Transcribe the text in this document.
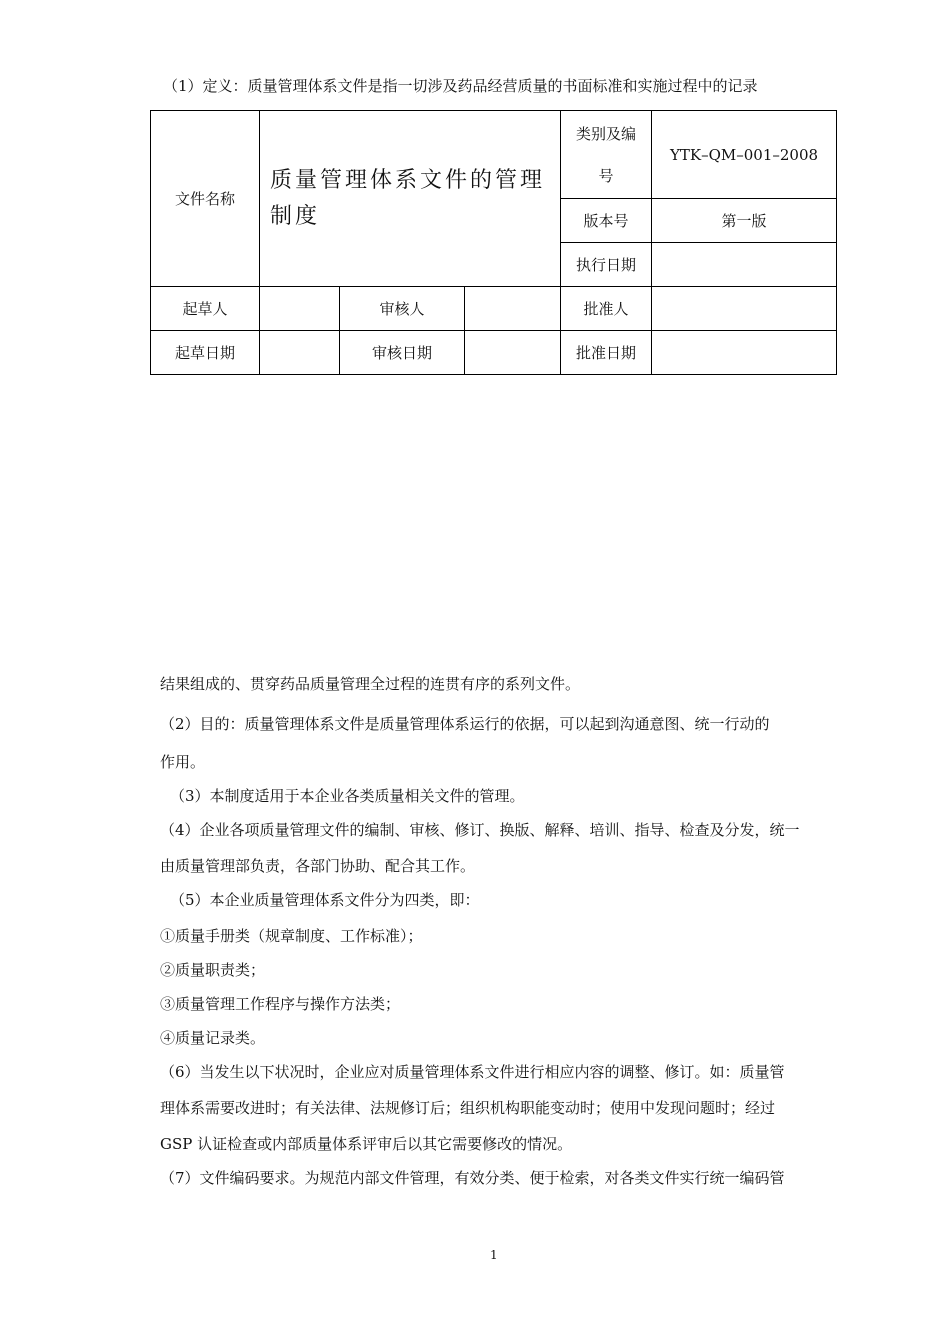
（1）定义：质量管理体系文件是指一切涉及药品经营质量的书面标准和实施过程中的记录
文件名称	质量管理体系文件的管理制度			类别及编号	YTK–QM–001–2008
				版本号	第一版
				执行日期	
起草人		审核人		批准人	
起草日期		审核日期		批准日期	
结果组成的、贯穿药品质量管理全过程的连贯有序的系列文件。
（2）目的：质量管理体系文件是质量管理体系运行的依据，可以起到沟通意图、统一行动的
作用。
（3）本制度适用于本企业各类质量相关文件的管理。
（4）企业各项质量管理文件的编制、审核、修订、换版、解释、培训、指导、检查及分发，统一
由质量管理部负责，各部门协助、配合其工作。
（5）本企业质量管理体系文件分为四类，即：
①质量手册类（规章制度、工作标准）；
②质量职责类；
③质量管理工作程序与操作方法类；
④质量记录类。
（6）当发生以下状况时，企业应对质量管理体系文件进行相应内容的调整、修订。如：质量管
理体系需要改进时；有关法律、法规修订后；组织机构职能变动时；使用中发现问题时；经过
GSP 认证检查或内部质量体系评审后以其它需要修改的情况。
（7）文件编码要求。为规范内部文件管理，有效分类、便于检索，对各类文件实行统一编码管
1
